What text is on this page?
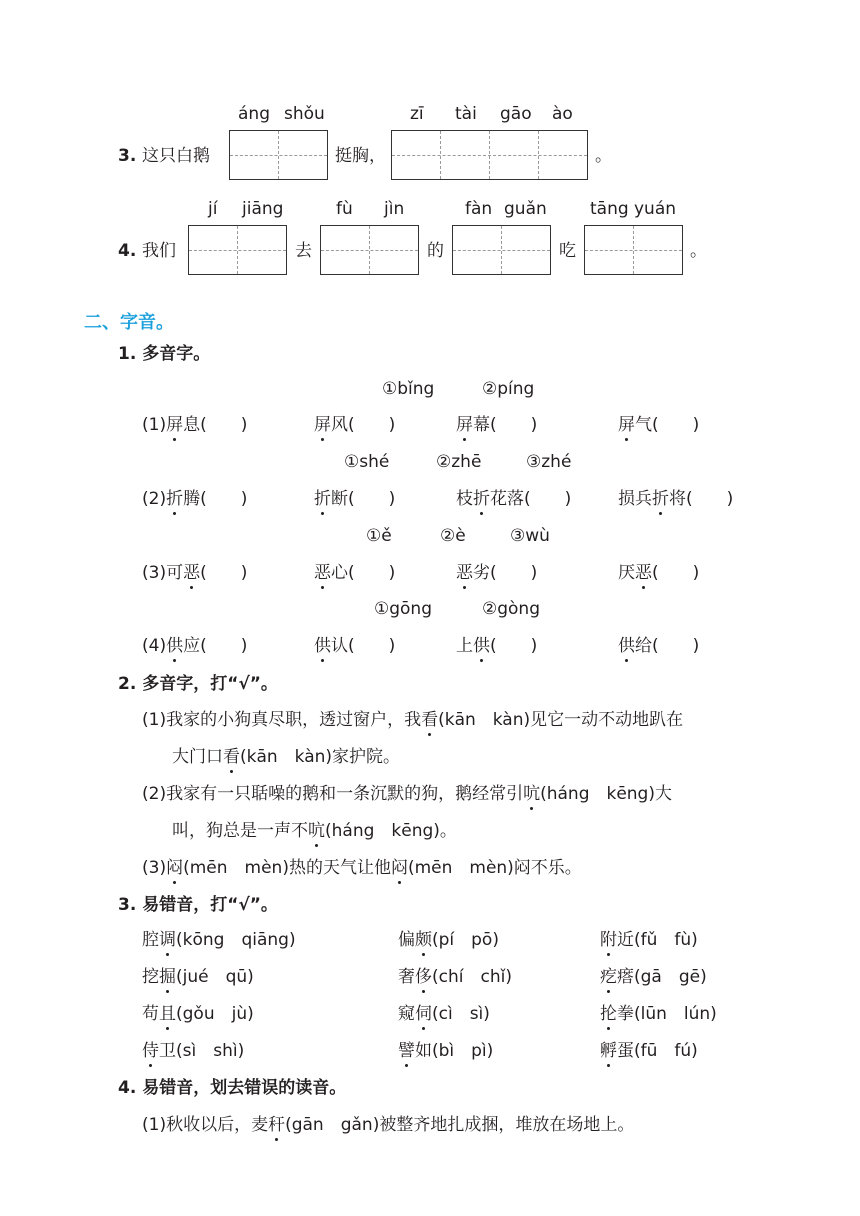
áng shǒu	zī tài gāo ào
3. 这只白鹅	挺胸，	。
jí jiāng	fù jìn	fàn guǎn	tāng yuán
4. 我们	去	的	吃	。
二、字音。
1. 多音字。
①bǐng	②píng
(1)屏息(　　)	屏风(　　)	屏幕(　　)	屏气(　　)
①shé	②zhē	③zhé
(2)折腾(　　)	折断(　　)	枝折花落(　　)	损兵折将(　　)
①ě	②è	③wù
(3)可恶(　　)	恶心(　　)	恶劣(　　)	厌恶(　　)
①gōng	②gòng
(4)供应(　　)	供认(　　)	上供(　　)	供给(　　)
2. 多音字，打“√”。
(1)我家的小狗真尽职，透过窗户，我看(kān　kàn)见它一动不动地趴在
大门口看(kān　kàn)家护院。
(2)我家有一只聒噪的鹅和一条沉默的狗，鹅经常引吭(háng　kēng)大
叫，狗总是一声不吭(háng　kēng)。
(3)闷(mēn　mèn)热的天气让他闷(mēn　mèn)闷不乐。
3. 易错音，打“√”。
腔调(kōng　qiāng)	偏颇(pí　pō)	附近(fǔ　fù)
挖掘(jué　qū)	奢侈(chí　chǐ)	疙瘩(gā　gē)
苟且(gǒu　jù)	窥伺(cì　sì)	抡拳(lūn　lún)
侍卫(sì　shì)	譬如(bì　pì)	孵蛋(fū　fú)
4. 易错音，划去错误的读音。
(1)秋收以后，麦秆(gān　gǎn)被整齐地扎成捆，堆放在场地上。
